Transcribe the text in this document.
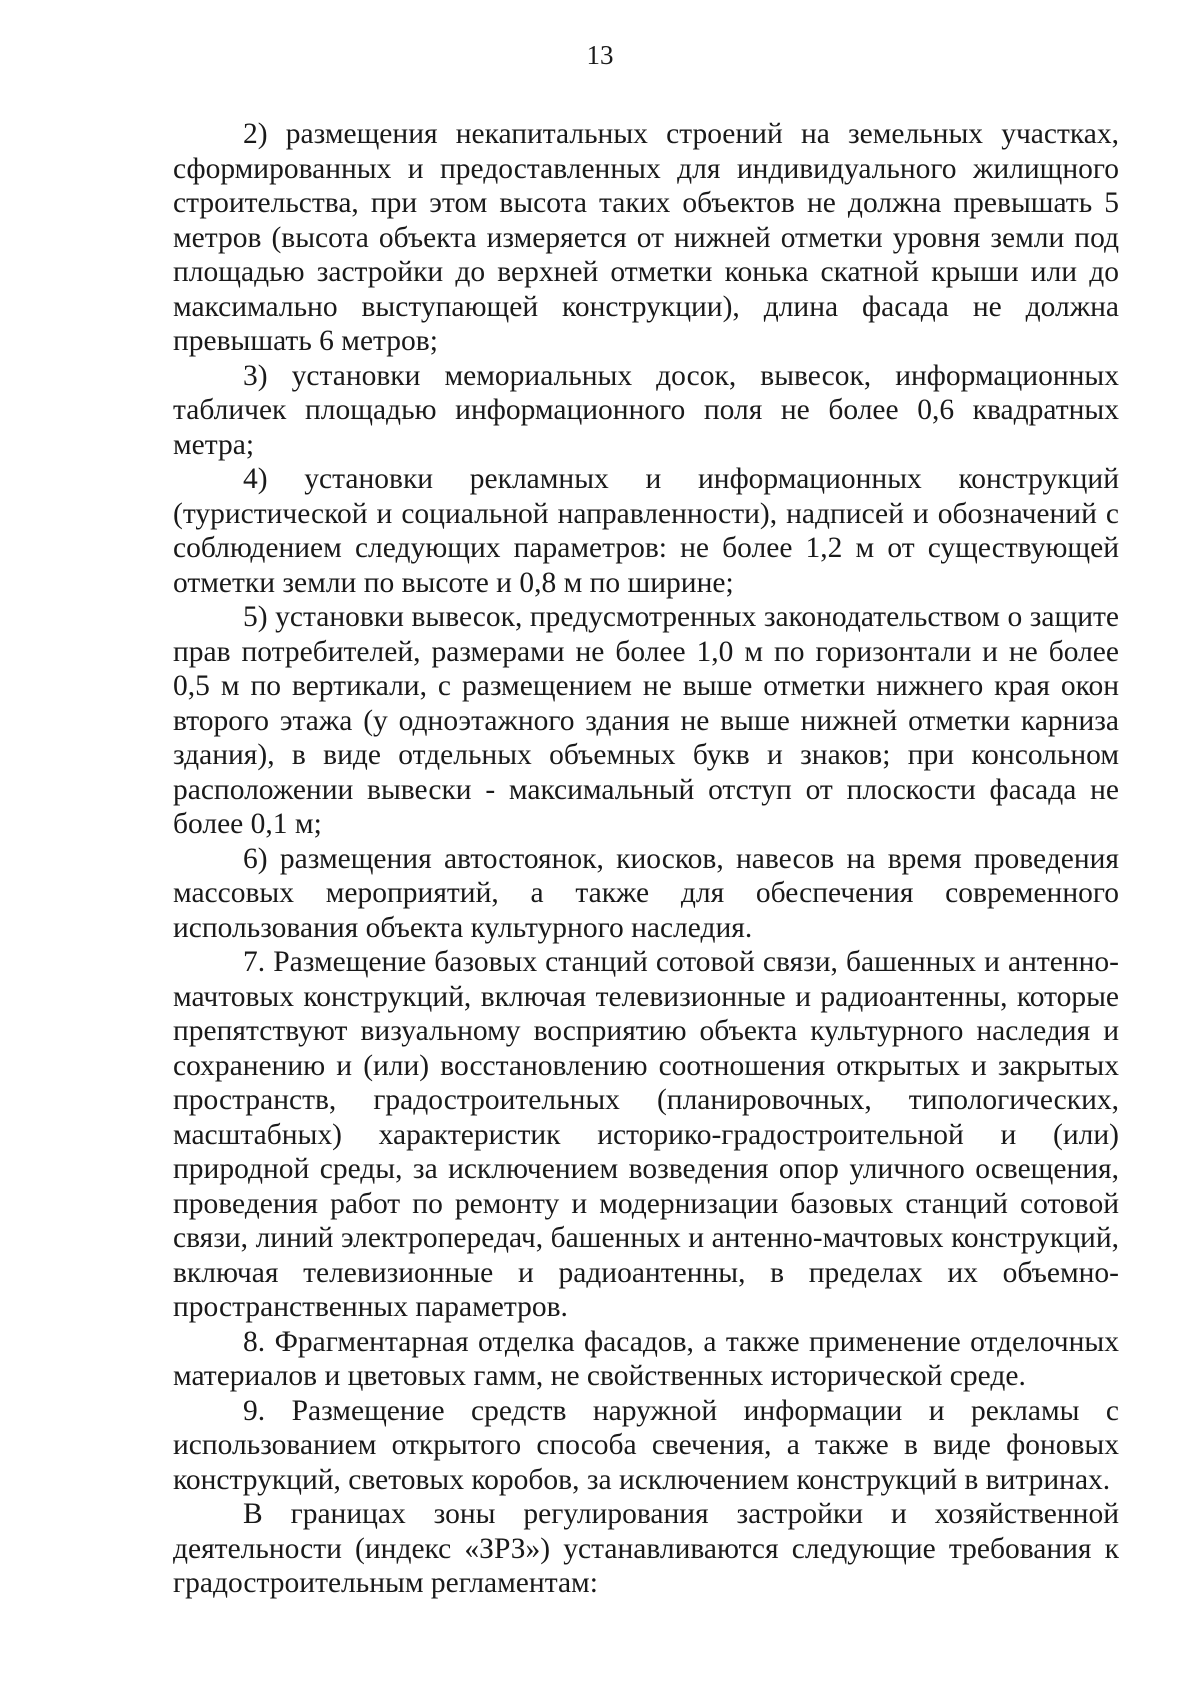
13

2) размещения некапитальных строений на земельных участках, сформированных и предоставленных для индивидуального жилищного строительства, при этом высота таких объектов не должна превышать 5 метров (высота объекта измеряется от нижней отметки уровня земли под площадью застройки до верхней отметки конька скатной крыши или до максимально выступающей конструкции), длина фасада не должна превышать 6 метров;

3) установки мемориальных досок, вывесок, информационных табличек площадью информационного поля не более 0,6 квадратных метра;

4) установки рекламных и информационных конструкций (туристической и социальной направленности), надписей и обозначений с соблюдением следующих параметров: не более 1,2 м от существующей отметки земли по высоте и 0,8 м по ширине;

5) установки вывесок, предусмотренных законодательством о защите прав потребителей, размерами не более 1,0 м по горизонтали и не более 0,5 м по вертикали, с размещением не выше отметки нижнего края окон второго этажа (у одноэтажного здания не выше нижней отметки карниза здания), в виде отдельных объемных букв и знаков; при консольном расположении вывески - максимальный отступ от плоскости фасада не более 0,1 м;

6) размещения автостоянок, киосков, навесов на время проведения массовых мероприятий, а также для обеспечения современного использования объекта культурного наследия.

7. Размещение базовых станций сотовой связи, башенных и антенно-мачтовых конструкций, включая телевизионные и радиоантенны, которые препятствуют визуальному восприятию объекта культурного наследия и сохранению и (или) восстановлению соотношения открытых и закрытых пространств, градостроительных (планировочных, типологических, масштабных) характеристик историко-градостроительной и (или) природной среды, за исключением возведения опор уличного освещения, проведения работ по ремонту и модернизации базовых станций сотовой связи, линий электропередач, башенных и антенно-мачтовых конструкций, включая телевизионные и радиоантенны, в пределах их объемно-пространственных параметров.

8. Фрагментарная отделка фасадов, а также применение отделочных материалов и цветовых гамм, не свойственных исторической среде.

9. Размещение средств наружной информации и рекламы с использованием открытого способа свечения, а также в виде фоновых конструкций, световых коробов, за исключением конструкций в витринах.

В границах зоны регулирования застройки и хозяйственной деятельности (индекс «ЗРЗ») устанавливаются следующие требования к градостроительным регламентам:
